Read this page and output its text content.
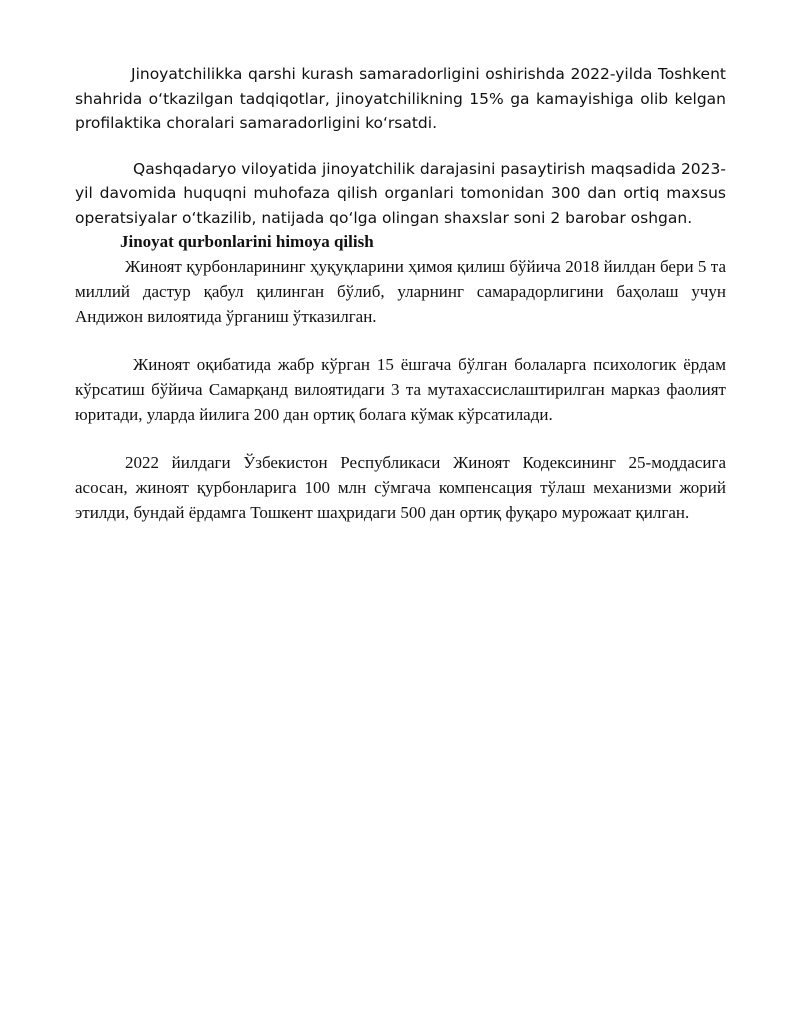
Jinoyatchilikka qarshi kurash samaradorligini oshirishda 2022-yilda Toshkent shahrida o‘tkazilgan tadqiqotlar, jinoyatchilikning 15% ga kamayishiga olib kelgan profilaktika choralari samaradorligini ko‘rsatdi.

Qashqadaryo viloyatida jinoyatchilik darajasini pasaytirish maqsadida 2023-yil davomida huquqni muhofaza qilish organlari tomonidan 300 dan ortiq maxsus operatsiyalar o‘tkazilib, natijada qo‘lga olingan shaxslar soni 2 barobar oshgan.

Jinoyat qurbonlarini himoya qilish

Жиноят қурбонларининг ҳуқуқларини ҳимоя қилиш бўйича 2018 йилдан бери 5 та миллий дастур қабул қилинган бўлиб, уларнинг самарадорлигини баҳолаш учун Андижон вилоятида ўрганиш ўтказилган.

Жиноят оқибатида жабр кўрган 15 ёшгача бўлган болаларга психологик ёрдам кўрсатиш бўйича Самарқанд вилоятидаги 3 та мутахассислаштирилган марказ фаолият юритади, уларда йилига 200 дан ортиқ болага кўмак кўрсатилади.

2022 йилдаги Ўзбекистон Республикаси Жиноят Кодексининг 25-моддасига асосан, жиноят қурбонларига 100 млн сўмгача компенсация тўлаш механизми жорий этилди, бундай ёрдамга Тошкент шаҳридаги 500 дан ортиқ фуқаро мурожаат қилган.
